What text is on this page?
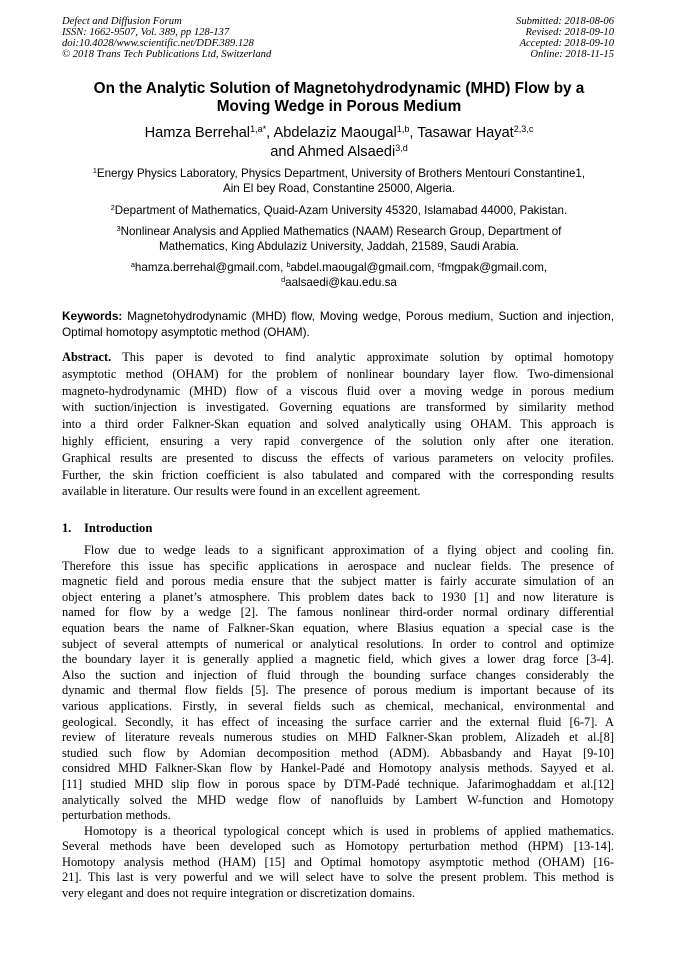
Defect and Diffusion Forum
ISSN: 1662-9507, Vol. 389, pp 128-137
doi:10.4028/www.scientific.net/DDF.389.128
© 2018 Trans Tech Publications Ltd, Switzerland
Submitted: 2018-08-06
Revised: 2018-09-10
Accepted: 2018-09-10
Online: 2018-11-15
On the Analytic Solution of Magnetohydrodynamic (MHD) Flow by a
Moving Wedge in Porous Medium
Hamza Berrehal$^{1,a*}$, Abdelaziz Maougal$^{1,b}$, Tasawar Hayat$^{2,3,c}$
and Ahmed Alsaedi$^{3,d}$
$^1$Energy Physics Laboratory, Physics Department, University of Brothers Mentouri Constantine1,
Ain El bey Road, Constantine 25000, Algeria.
$^2$Department of Mathematics, Quaid-Azam University 45320, Islamabad 44000, Pakistan.
$^3$Nonlinear Analysis and Applied Mathematics (NAAM) Research Group, Department of
Mathematics, King Abdulaziz University, Jaddah, 21589, Saudi Arabia.
$^a$hamza.berrehal@gmail.com, $^b$abdel.maougal@gmail.com, $^c$fmgpak@gmail.com,
$^d$aalsaedi@kau.edu.sa
Keywords: Magnetohydrodynamic (MHD) flow, Moving wedge, Porous medium, Suction and injection, Optimal homotopy asymptotic method (OHAM).
Abstract. This paper is devoted to find analytic approximate solution by optimal homotopy
asymptotic method (OHAM) for the problem of nonlinear boundary layer flow. Two-dimensional
magneto-hydrodynamic (MHD) flow of a viscous fluid over a moving wedge in porous medium
with suction/injection is investigated. Governing equations are transformed by similarity method
into a third order Falkner-Skan equation and solved analytically using OHAM. This approach is
highly efficient, ensuring a very rapid convergence of the solution only after one iteration.
Graphical results are presented to discuss the effects of various parameters on velocity profiles.
Further, the skin friction coefficient is also tabulated and compared with the corresponding results
available in literature. Our results were found in an excellent agreement.
1. Introduction
Flow due to wedge leads to a significant approximation of a flying object and cooling fin.
Therefore this issue has specific applications in aerospace and nuclear fields. The presence of
magnetic field and porous media ensure that the subject matter is fairly accurate simulation of an
object entering a planet’s atmosphere. This problem dates back to 1930 [1] and now literature is
named for flow by a wedge [2]. The famous nonlinear third-order normal ordinary differential
equation bears the name of Falkner-Skan equation, where Blasius equation a special case is the
subject of several attempts of numerical or analytical resolutions. In order to control and optimize
the boundary layer it is generally applied a magnetic field, which gives a lower drag force [3-4].
Also the suction and injection of fluid through the bounding surface changes considerably the
dynamic and thermal flow fields [5]. The presence of porous medium is important because of its
various applications. Firstly, in several fields such as chemical, mechanical, environmental and
geological. Secondly, it has effect of inceasing the surface carrier and the external fluid [6-7]. A
review of literature reveals numerous studies on MHD Falkner-Skan problem, Alizadeh et al.[8]
studied such flow by Adomian decomposition method (ADM). Abbasbandy and Hayat [9-10]
considred MHD Falkner-Skan flow by Hankel-Padé and Homotopy analysis methods. Sayyed et al.
[11] studied MHD slip flow in porous space by DTM-Padé technique. Jafarimoghaddam et al.[12]
analytically solved the MHD wedge flow of nanofluids by Lambert W-function and Homotopy
perturbation methods.
Homotopy is a theorical typological concept which is used in problems of applied mathematics.
Several methods have been developed such as Homotopy perturbation method (HPM) [13-14].
Homotopy analysis method (HAM) [15] and Optimal homotopy asymptotic method (OHAM) [16-
21]. This last is very powerful and we will select have to solve the present problem. This method is
very elegant and does not require integration or discretization domains.
